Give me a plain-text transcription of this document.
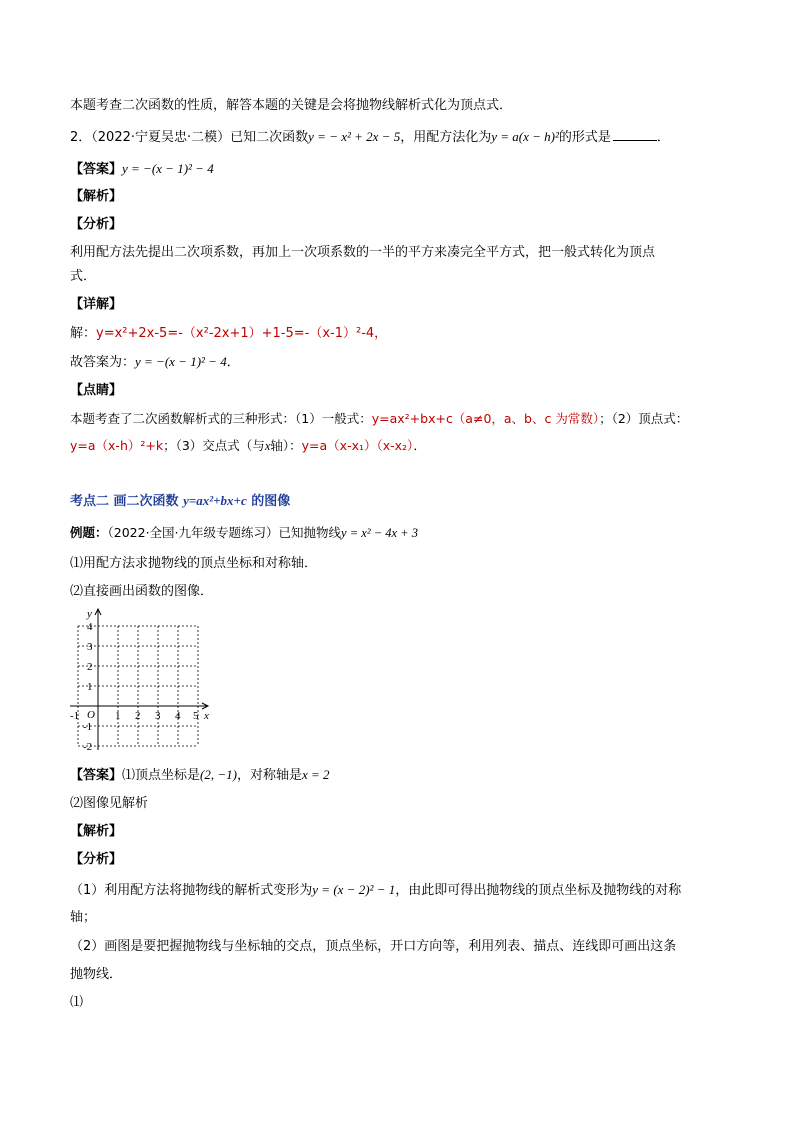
本题考查二次函数的性质，解答本题的关键是会将抛物线解析式化为顶点式．
2．（2022·宁夏吴忠·二模）已知二次函数y = − x² + 2x − 5，用配方法化为y = a(x − h)²的形式是	．
【答案】y = −(x − 1)² − 4
【解析】
【分析】
利用配方法先提出二次项系数，再加上一次项系数的一半的平方来凑完全平方式，把一般式转化为顶点
式．
【详解】
解：y=x²+2x-5=-（x²-2x+1）+1-5=-（x-1）²-4，
故答案为：y = −(x − 1)² − 4．
【点睛】
本题考查了二次函数解析式的三种形式：（1）一般式：y=ax²+bx+c（a≠0，a、b、c 为常数）；（2）顶点式：
y=a（x-h）²+k；（3）交点式（与x轴）：y=a（x-x₁）（x-x₂）．
考点二 画二次函数 y=ax²+bx+c 的图像
例题：（2022·全国·九年级专题练习）已知抛物线y = x² − 4x + 3
⑴用配方法求抛物线的顶点坐标和对称轴．
⑵直接画出函数的图像．
y
x
O
-1	1 2 3 4 5
4
3
2
1
-1
-2
【答案】⑴顶点坐标是(2, −1)，对称轴是x = 2
⑵图像见解析
【解析】
【分析】
（1）利用配方法将抛物线的解析式变形为y = (x − 2)² − 1，由此即可得出抛物线的顶点坐标及抛物线的对称
轴；
（2）画图是要把握抛物线与坐标轴的交点，顶点坐标，开口方向等，利用列表、描点、连线即可画出这条
抛物线．
⑴
